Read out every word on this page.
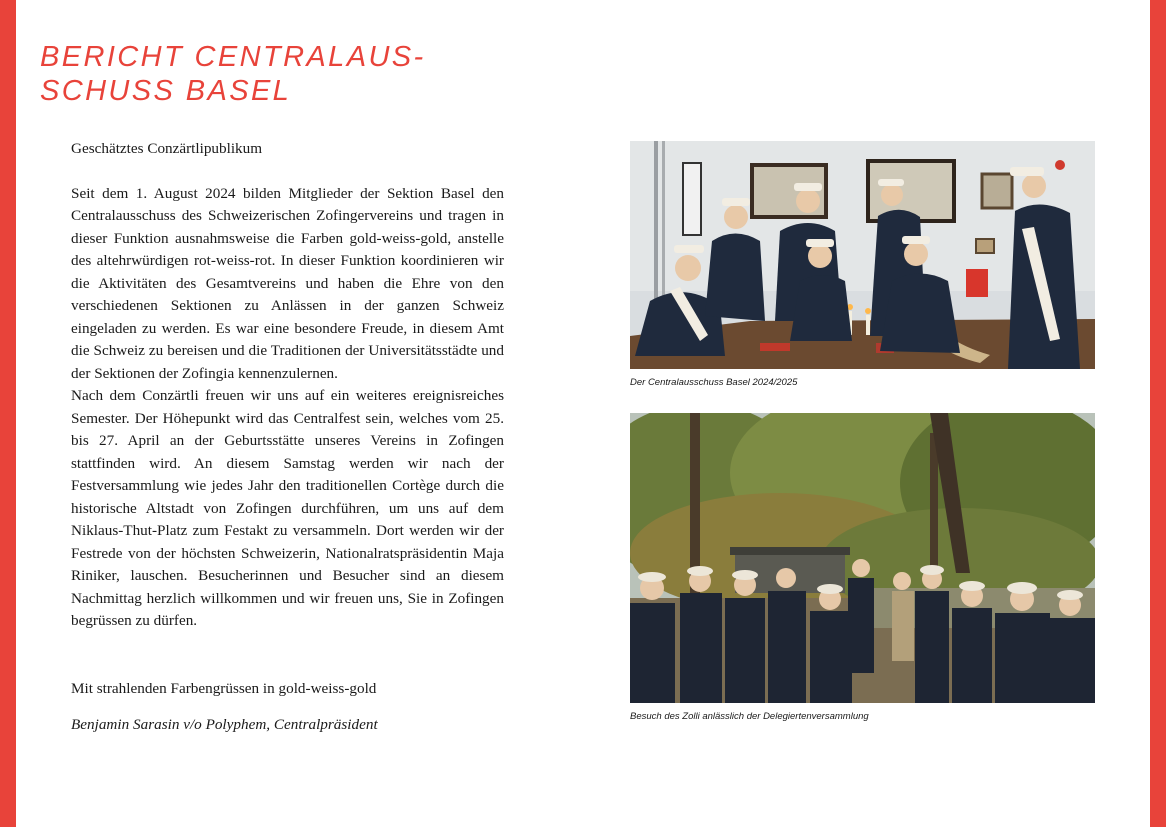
BERICHT CENTRALAUS-
SCHUSS BASEL

Geschätztes Conzärtlipublikum

Seit dem 1. August 2024 bilden Mitglieder der Sektion Basel den Centralausschuss des Schweizerischen Zofingervereins und tragen in dieser Funktion ausnahmsweise die Farben gold-weiss-gold, anstelle des altehrwürdigen rot-weiss-rot. In dieser Funktion koordinieren wir die Aktivitäten des Gesamtvereins und haben die Ehre von den verschiedenen Sektionen zu Anlässen in der ganzen Schweiz eingeladen zu werden. Es war eine besondere Freude, in diesem Amt die Schweiz zu bereisen und die Traditionen der Universitätsstädte und der Sektionen der Zofingia kennenzulernen.

Nach dem Conzärtli freuen wir uns auf ein weiteres ereignisreiches Semester. Der Höhepunkt wird das Centralfest sein, welches vom 25. bis 27. April an der Geburtsstätte unseres Vereins in Zofingen stattfinden wird. An diesem Samstag werden wir nach der Festversammlung wie jedes Jahr den traditionellen Cortège durch die historische Altstadt von Zofingen durchführen, um uns auf dem Niklaus-Thut-Platz zum Festakt zu versammeln. Dort werden wir der Festrede von der höchsten Schweizerin, Nationalratspräsidentin Maja Riniker, lauschen. Besucherinnen und Besucher sind an diesem Nachmittag herzlich willkommen und wir freuen uns, Sie in Zofingen begrüssen zu dürfen.

Mit strahlenden Farbengrüssen in gold-weiss-gold

Benjamin Sarasin v/o Polyphem, Centralpräsident

Der Centralausschuss Basel 2024/2025

Besuch des Zolli anlässlich der Delegiertenversammlung
